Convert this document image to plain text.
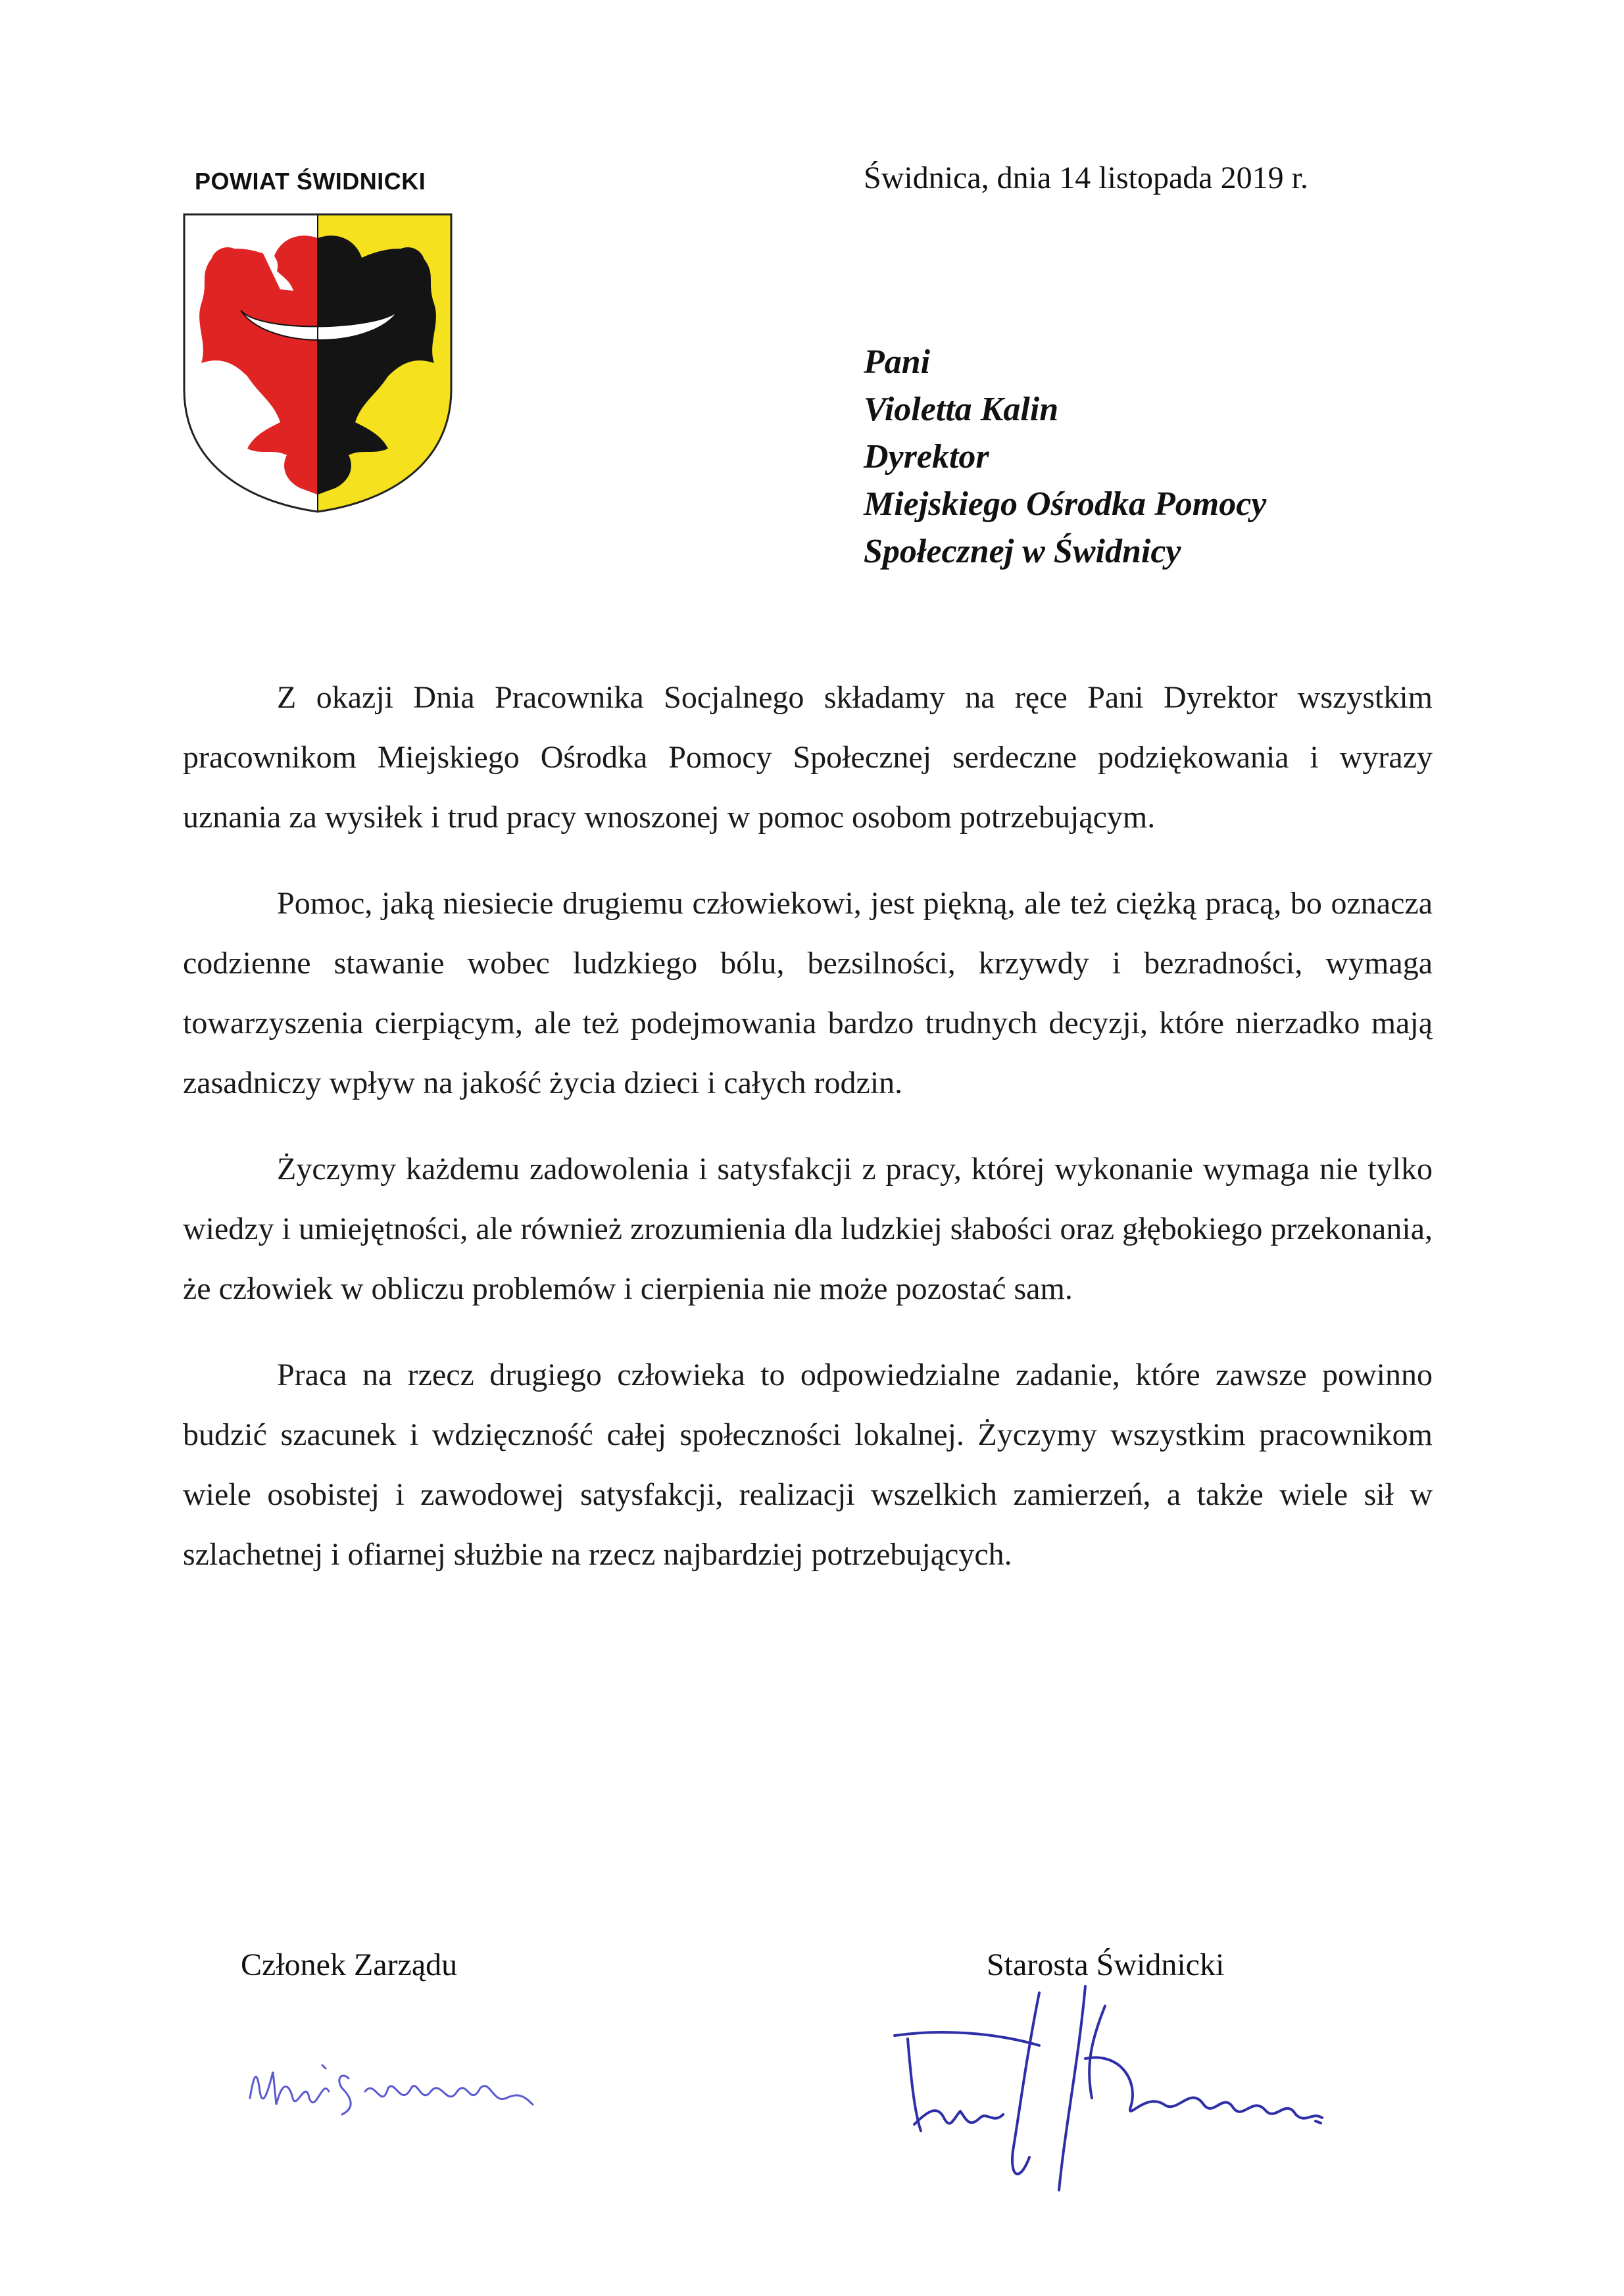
POWIAT ŚWIDNICKI	Świdnica, dnia 14 listopada 2019 r.
Pani
Violetta Kalin
Dyrektor
Miejskiego Ośrodka Pomocy
Społecznej w Świdnicy

Z okazji Dnia Pracownika Socjalnego składamy na ręce Pani Dyrektor wszystkim pracownikom Miejskiego Ośrodka Pomocy Społecznej serdeczne podziękowania i wyrazy uznania za wysiłek i trud pracy wnoszonej w pomoc osobom potrzebującym.

Pomoc, jaką niesiecie drugiemu człowiekowi, jest piękną, ale też ciężką pracą, bo oznacza codzienne stawanie wobec ludzkiego bólu, bezsilności, krzywdy i bezradności, wymaga towarzyszenia cierpiącym, ale też podejmowania bardzo trudnych decyzji, które nierzadko mają zasadniczy wpływ na jakość życia dzieci i całych rodzin.

Życzymy każdemu zadowolenia i satysfakcji z pracy, której wykonanie wymaga nie tylko wiedzy i umiejętności, ale również zrozumienia dla ludzkiej słabości oraz głębokiego przekonania, że człowiek w obliczu problemów i cierpienia nie może pozostać sam.

Praca na rzecz drugiego człowieka to odpowiedzialne zadanie, które zawsze powinno budzić szacunek i wdzięczność całej społeczności lokalnej. Życzymy wszystkim pracownikom wiele osobistej i zawodowej satysfakcji, realizacji wszelkich zamierzeń, a także wiele sił w szlachetnej i ofiarnej służbie na rzecz najbardziej potrzebujących.

Członek Zarządu	Starosta Świdnicki
